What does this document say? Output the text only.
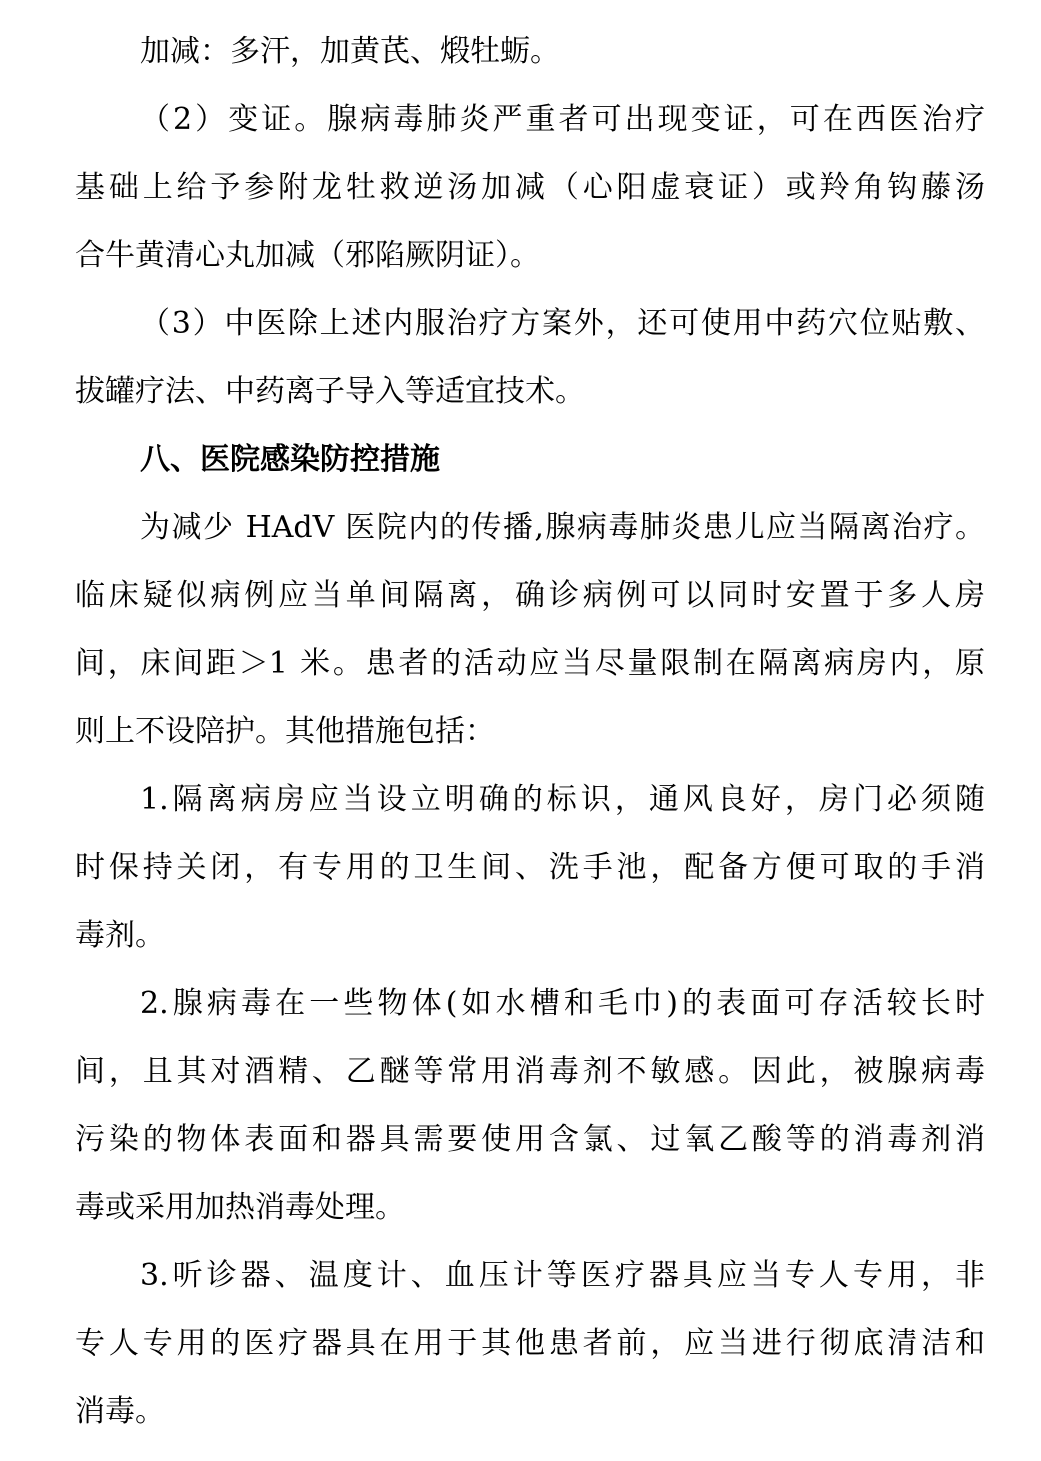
加减：多汗，加黄芪、煅牡蛎。
（2）变证。腺病毒肺炎严重者可出现变证，可在西医治疗
基础上给予参附龙牡救逆汤加减（心阳虚衰证）或羚角钩藤汤
合牛黄清心丸加减（邪陷厥阴证）。
（3）中医除上述内服治疗方案外，还可使用中药穴位贴敷、
拔罐疗法、中药离子导入等适宜技术。
八、医院感染防控措施
为减少 HAdV 医院内的传播,腺病毒肺炎患儿应当隔离治疗。
临床疑似病例应当单间隔离，确诊病例可以同时安置于多人房
间，床间距＞1 米。患者的活动应当尽量限制在隔离病房内，原
则上不设陪护。其他措施包括：
1.隔离病房应当设立明确的标识，通风良好，房门必须随
时保持关闭，有专用的卫生间、洗手池，配备方便可取的手消
毒剂。
2.腺病毒在一些物体(如水槽和毛巾)的表面可存活较长时
间，且其对酒精、乙醚等常用消毒剂不敏感。因此，被腺病毒
污染的物体表面和器具需要使用含氯、过氧乙酸等的消毒剂消
毒或采用加热消毒处理。
3.听诊器、温度计、血压计等医疗器具应当专人专用，非
专人专用的医疗器具在用于其他患者前，应当进行彻底清洁和
消毒。
